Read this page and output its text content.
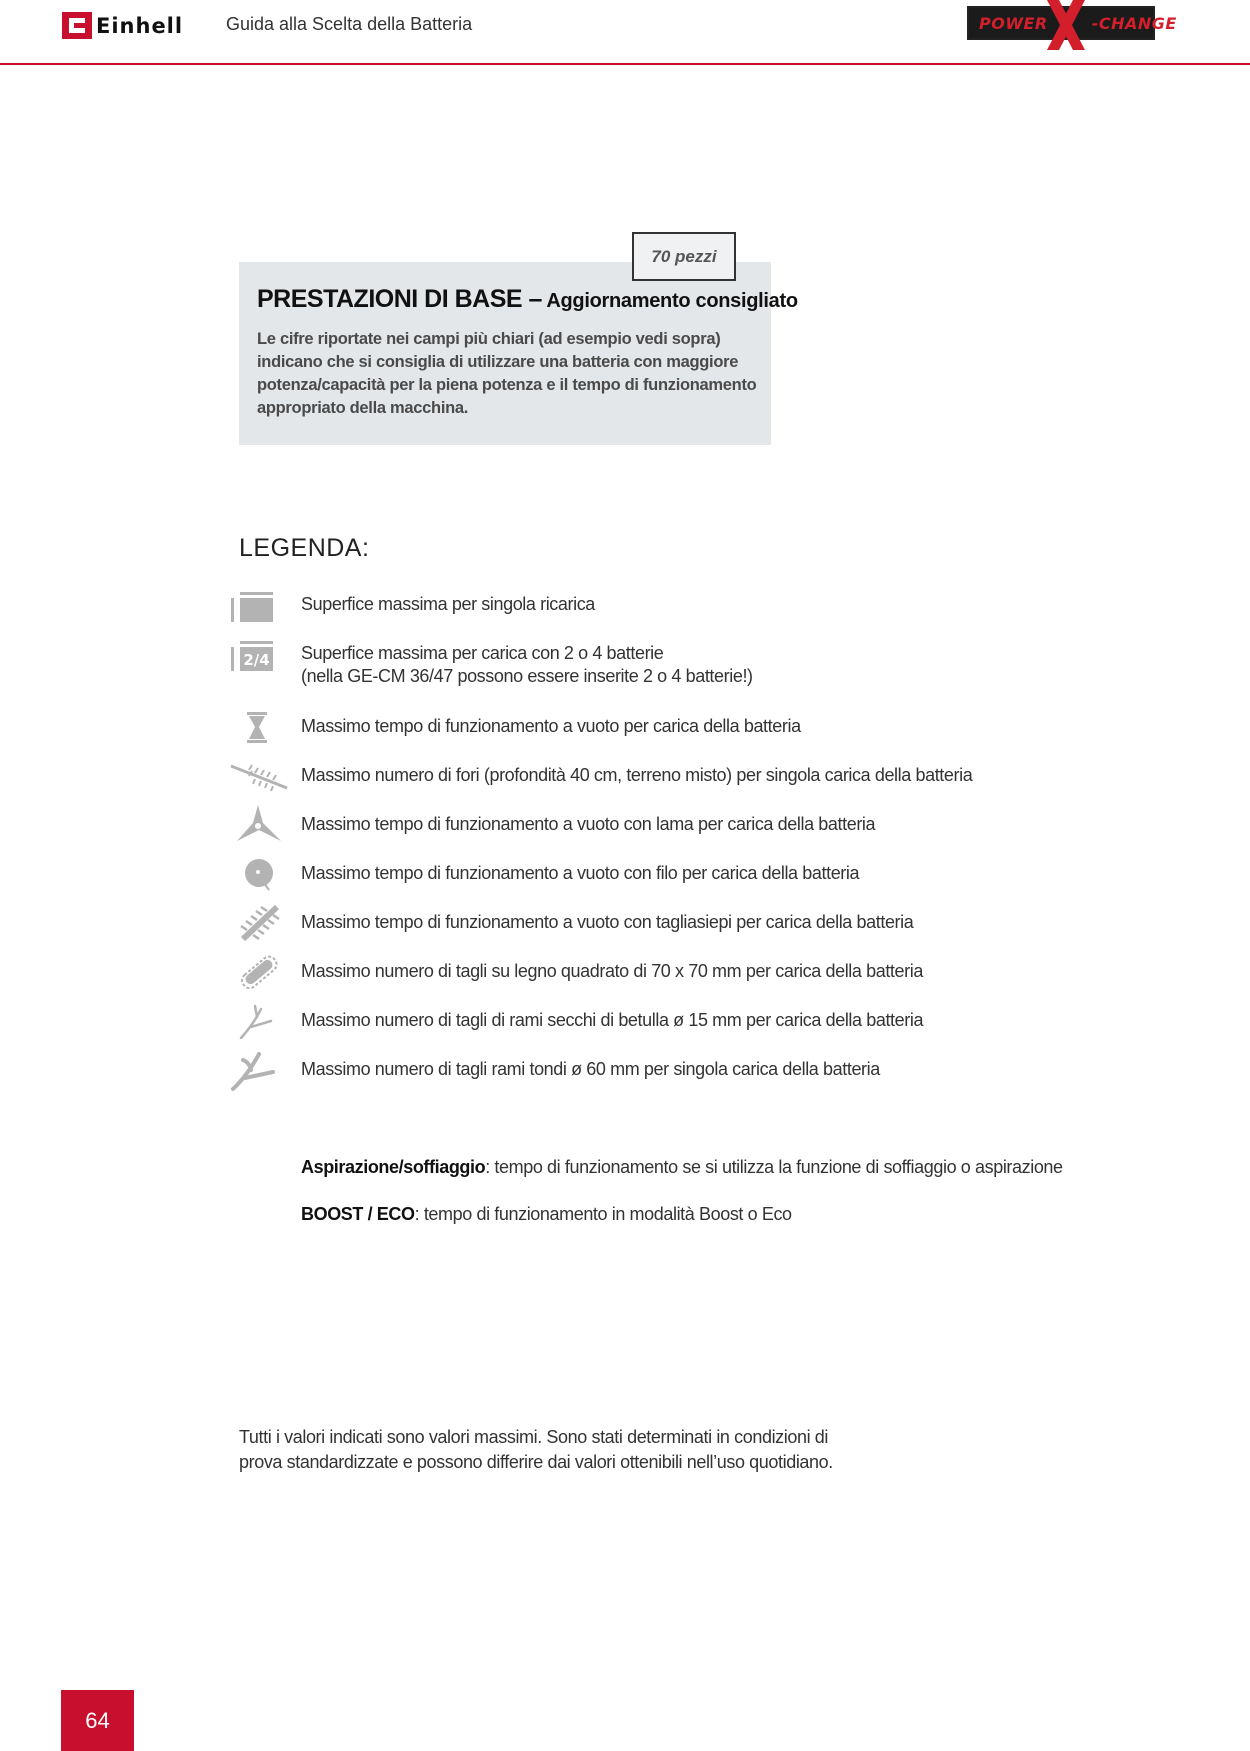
Einhell Guida alla Scelta della Batteria	POWER	-CHANGE
70 pezzi
PRESTAZIONI DI BASE – Aggiornamento consigliato
Le cifre riportate nei campi più chiari (ad esempio vedi sopra) indicano che si consiglia di utilizzare una batteria con maggiore potenza/capacità per la piena potenza e il tempo di funzionamento appropriato della macchina.
LEGENDA:
Superfice massima per singola ricarica
2/4 Superfice massima per carica con 2 o 4 batterie
(nella GE-CM 36/47 possono essere inserite 2 o 4 batterie!)
Massimo tempo di funzionamento a vuoto per carica della batteria
Massimo numero di fori (profondità 40 cm, terreno misto) per singola carica della batteria
Massimo tempo di funzionamento a vuoto con lama per carica della batteria
Massimo tempo di funzionamento a vuoto con filo per carica della batteria
Massimo tempo di funzionamento a vuoto con tagliasiepi per carica della batteria
Massimo numero di tagli su legno quadrato di 70 x 70 mm per carica della batteria
Massimo numero di tagli di rami secchi di betulla ø 15 mm per carica della batteria
Massimo numero di tagli rami tondi ø 60 mm per singola carica della batteria

Aspirazione/soffiaggio: tempo di funzionamento se si utilizza la funzione di soffiaggio o aspirazione

BOOST / ECO: tempo di funzionamento in modalità Boost o Eco

Tutti i valori indicati sono valori massimi. Sono stati determinati in condizioni di
prova standardizzate e possono differire dai valori ottenibili nell’uso quotidiano.
64
